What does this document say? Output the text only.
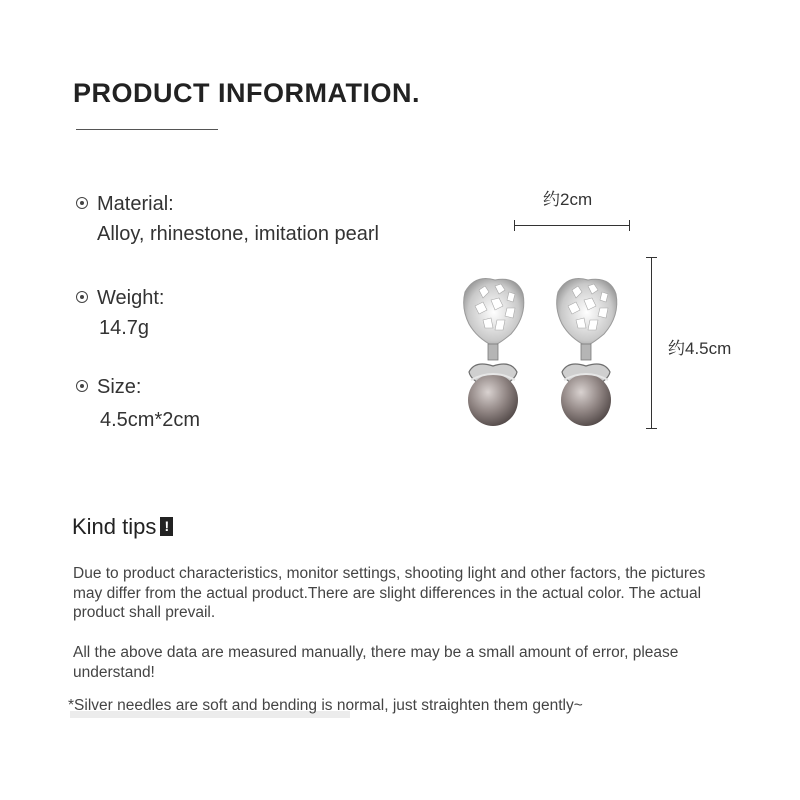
PRODUCT INFORMATION.
Material:
Alloy, rhinestone, imitation pearl
Weight:
14.7g
Size:
4.5cm*2cm
约2cm
约4.5cm
Kind tips !
Due to product characteristics, monitor settings, shooting light and other factors, the pictures may differ from the actual product.There are slight differences in the actual color. The actual product shall prevail.
All the above data are measured manually, there may be a small amount of error, please understand!
*Silver needles are soft and bending is normal, just straighten them gently~
